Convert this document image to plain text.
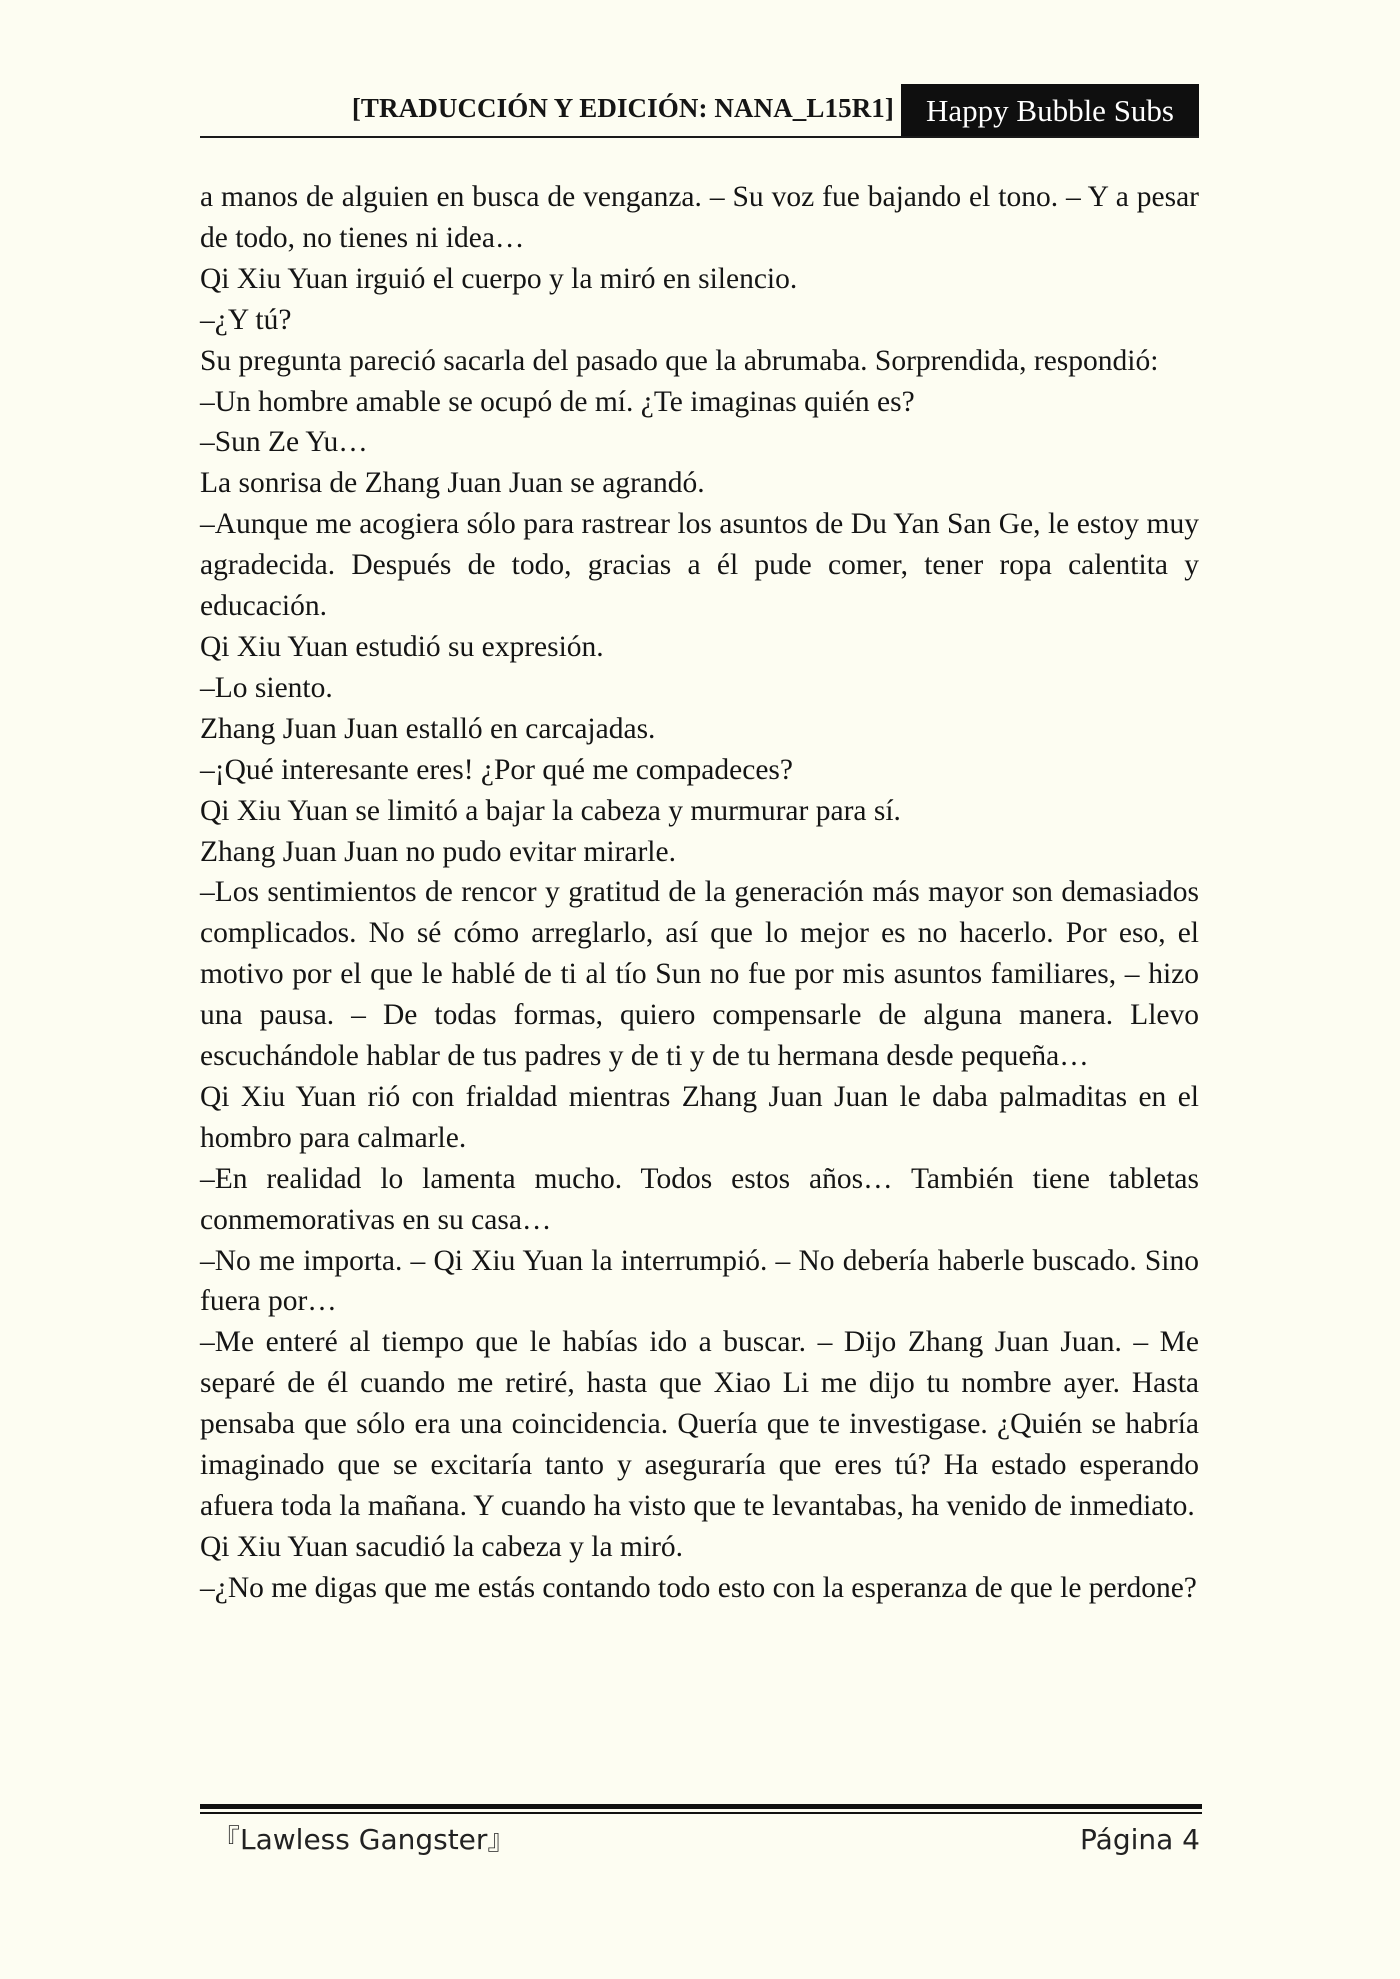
[TRADUCCIÓN Y EDICIÓN: NANA_L15R1]	Happy Bubble Subs

a manos de alguien en busca de venganza. – Su voz fue bajando el tono. – Y a pesar de todo, no tienes ni idea…

Qi Xiu Yuan irguió el cuerpo y la miró en silencio.

–¿Y tú?

Su pregunta pareció sacarla del pasado que la abrumaba. Sorprendida, respondió:

–Un hombre amable se ocupó de mí. ¿Te imaginas quién es?

–Sun Ze Yu…

La sonrisa de Zhang Juan Juan se agrandó.

–Aunque me acogiera sólo para rastrear los asuntos de Du Yan San Ge, le estoy muy agradecida. Después de todo, gracias a él pude comer, tener ropa calentita y educación.

Qi Xiu Yuan estudió su expresión.

–Lo siento.

Zhang Juan Juan estalló en carcajadas.

–¡Qué interesante eres! ¿Por qué me compadeces?

Qi Xiu Yuan se limitó a bajar la cabeza y murmurar para sí.

Zhang Juan Juan no pudo evitar mirarle.

–Los sentimientos de rencor y gratitud de la generación más mayor son demasiados complicados. No sé cómo arreglarlo, así que lo mejor es no hacerlo. Por eso, el motivo por el que le hablé de ti al tío Sun no fue por mis asuntos familiares, – hizo una pausa. – De todas formas, quiero compensarle de alguna manera. Llevo escuchándole hablar de tus padres y de ti y de tu hermana desde pequeña…

Qi Xiu Yuan rió con frialdad mientras Zhang Juan Juan le daba palmaditas en el hombro para calmarle.

–En realidad lo lamenta mucho. Todos estos años… También tiene tabletas conmemorativas en su casa…

–No me importa. – Qi Xiu Yuan la interrumpió. – No debería haberle buscado. Sino fuera por…

–Me enteré al tiempo que le habías ido a buscar. – Dijo Zhang Juan Juan. – Me separé de él cuando me retiré, hasta que Xiao Li me dijo tu nombre ayer. Hasta pensaba que sólo era una coincidencia. Quería que te investigase. ¿Quién se habría imaginado que se excitaría tanto y aseguraría que eres tú? Ha estado esperando afuera toda la mañana. Y cuando ha visto que te levantabas, ha venido de inmediato.

Qi Xiu Yuan sacudió la cabeza y la miró.

–¿No me digas que me estás contando todo esto con la esperanza de que le perdone?

『Lawless Gangster』	Página 4
